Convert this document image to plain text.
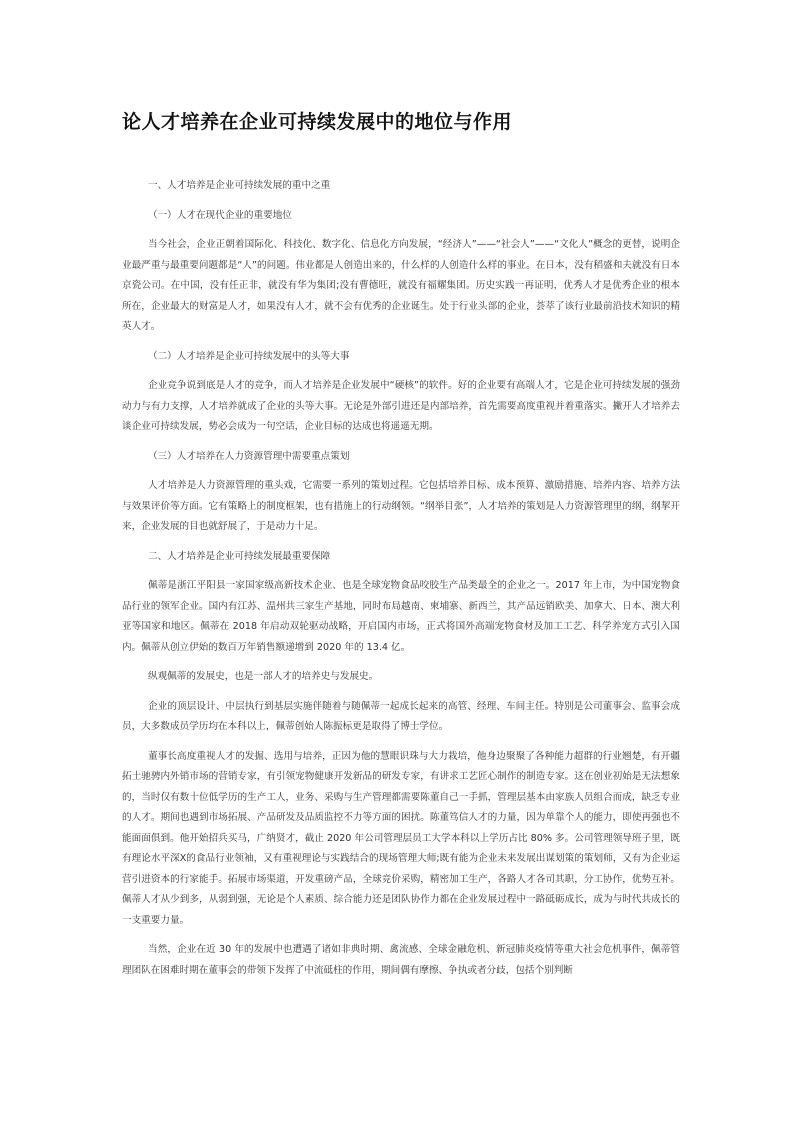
论人才培养在企业可持续发展中的地位与作用
一、人才培养是企业可持续发展的重中之重
（一）人才在现代企业的重要地位
当今社会，企业正朝着国际化、科技化、数字化、信息化方向发展，“经济人”——“社会人”——“文化人”概念的更替，说明企业最严重与最重要问题都是“人”的问题。伟业都是人创造出来的，什么样的人创造什么样的事业。在日本，没有稻盛和夫就没有日本京瓷公司。在中国，没有任正非，就没有华为集团;没有曹德旺，就没有福耀集团。历史实践一再证明，优秀人才是优秀企业的根本所在，企业最大的财富是人才，如果没有人才，就不会有优秀的企业诞生。处于行业头部的企业，荟萃了该行业最前沿技术知识的精英人才。
（二）人才培养是企业可持续发展中的头等大事
企业竞争说到底是人才的竞争，而人才培养是企业发展中“硬核”的软件。好的企业要有高端人才，它是企业可持续发展的强劲动力与有力支撑，人才培养就成了企业的头等大事。无论是外部引进还是内部培养，首先需要高度重视并着重落实。撇开人才培养去谈企业可持续发展，势必会成为一句空话，企业目标的达成也将遥遥无期。
（三）人才培养在人力资源管理中需要重点策划
人才培养是人力资源管理的重头戏，它需要一系列的策划过程。它包括培养目标、成本预算、激励措施、培养内容、培养方法与效果评价等方面。它有策略上的制度框架，也有措施上的行动纲领。“纲举目张”，人才培养的策划是人力资源管理里的纲，纲挈开来，企业发展的目也就舒展了，于是动力十足。
二、人才培养是企业可持续发展最重要保障
佩蒂是浙江平阳县一家国家级高新技术企业、也是全球宠物食品咬胶生产品类最全的企业之一。2017 年上市，为中国宠物食品行业的领军企业。国内有江苏、温州共三家生产基地，同时布局越南、柬埔寨、新西兰，其产品远销欧美、加拿大、日本、澳大利亚等国家和地区。佩蒂在 2018 年启动双轮驱动战略，开启国内市场，正式将国外高端宠物食材及加工工艺、科学养宠方式引入国内。佩蒂从创立伊始的数百万年销售额递增到 2020 年的 13.4 亿。
纵观佩蒂的发展史，也是一部人才的培养史与发展史。
企业的顶层设计、中层执行到基层实施伴随着与随佩蒂一起成长起来的高管、经理、车间主任。特别是公司董事会、监事会成员，大多数成员学历均在本科以上，佩蒂创始人陈振标更是取得了博士学位。
董事长高度重视人才的发掘、选用与培养，正因为他的慧眼识珠与大力栽培，他身边聚聚了各种能力超群的行业翘楚，有开疆拓土驰骋内外销市场的营销专家，有引领宠物健康开发新品的研发专家，有讲求工艺匠心制作的制造专家。这在创业初始是无法想象的，当时仅有数十位低学历的生产工人，业务、采购与生产管理都需要陈董自己一手抓，管理层基本由家族人员组合而成，缺乏专业的人才。期间也遇到市场拓展、产品研发及品质监控不力等方面的困扰。陈董笃信人才的力量，因为单靠个人的能力，即使再强也不能面面俱到。他开始招兵买马，广纳贤才，截止 2020 年公司管理层员工大学本科以上学历占比 80% 多。公司管理领导班子里，既有理论水平深X的食品行业领袖，又有重视理论与实践结合的现场管理大师;既有能为企业未来发展出谋划策的策划师，又有为企业运营引进资本的行家能手。拓展市场渠道，开发重磅产品，全球竞价采购，精密加工生产，各路人才各司其职，分工协作，优势互补。佩蒂人才从少到多，从弱到强，无论是个人素质、综合能力还是团队协作力都在企业发展过程中一路砥砺成长，成为与时代共成长的一支重要力量。
当然，企业在近 30 年的发展中也遭遇了诸如非典时期、禽流感、全球金融危机、新冠肺炎疫情等重大社会危机事件，佩蒂管理团队在困难时期在董事会的带领下发挥了中流砥柱的作用，期间偶有摩擦、争执或者分歧，包括个别判断
